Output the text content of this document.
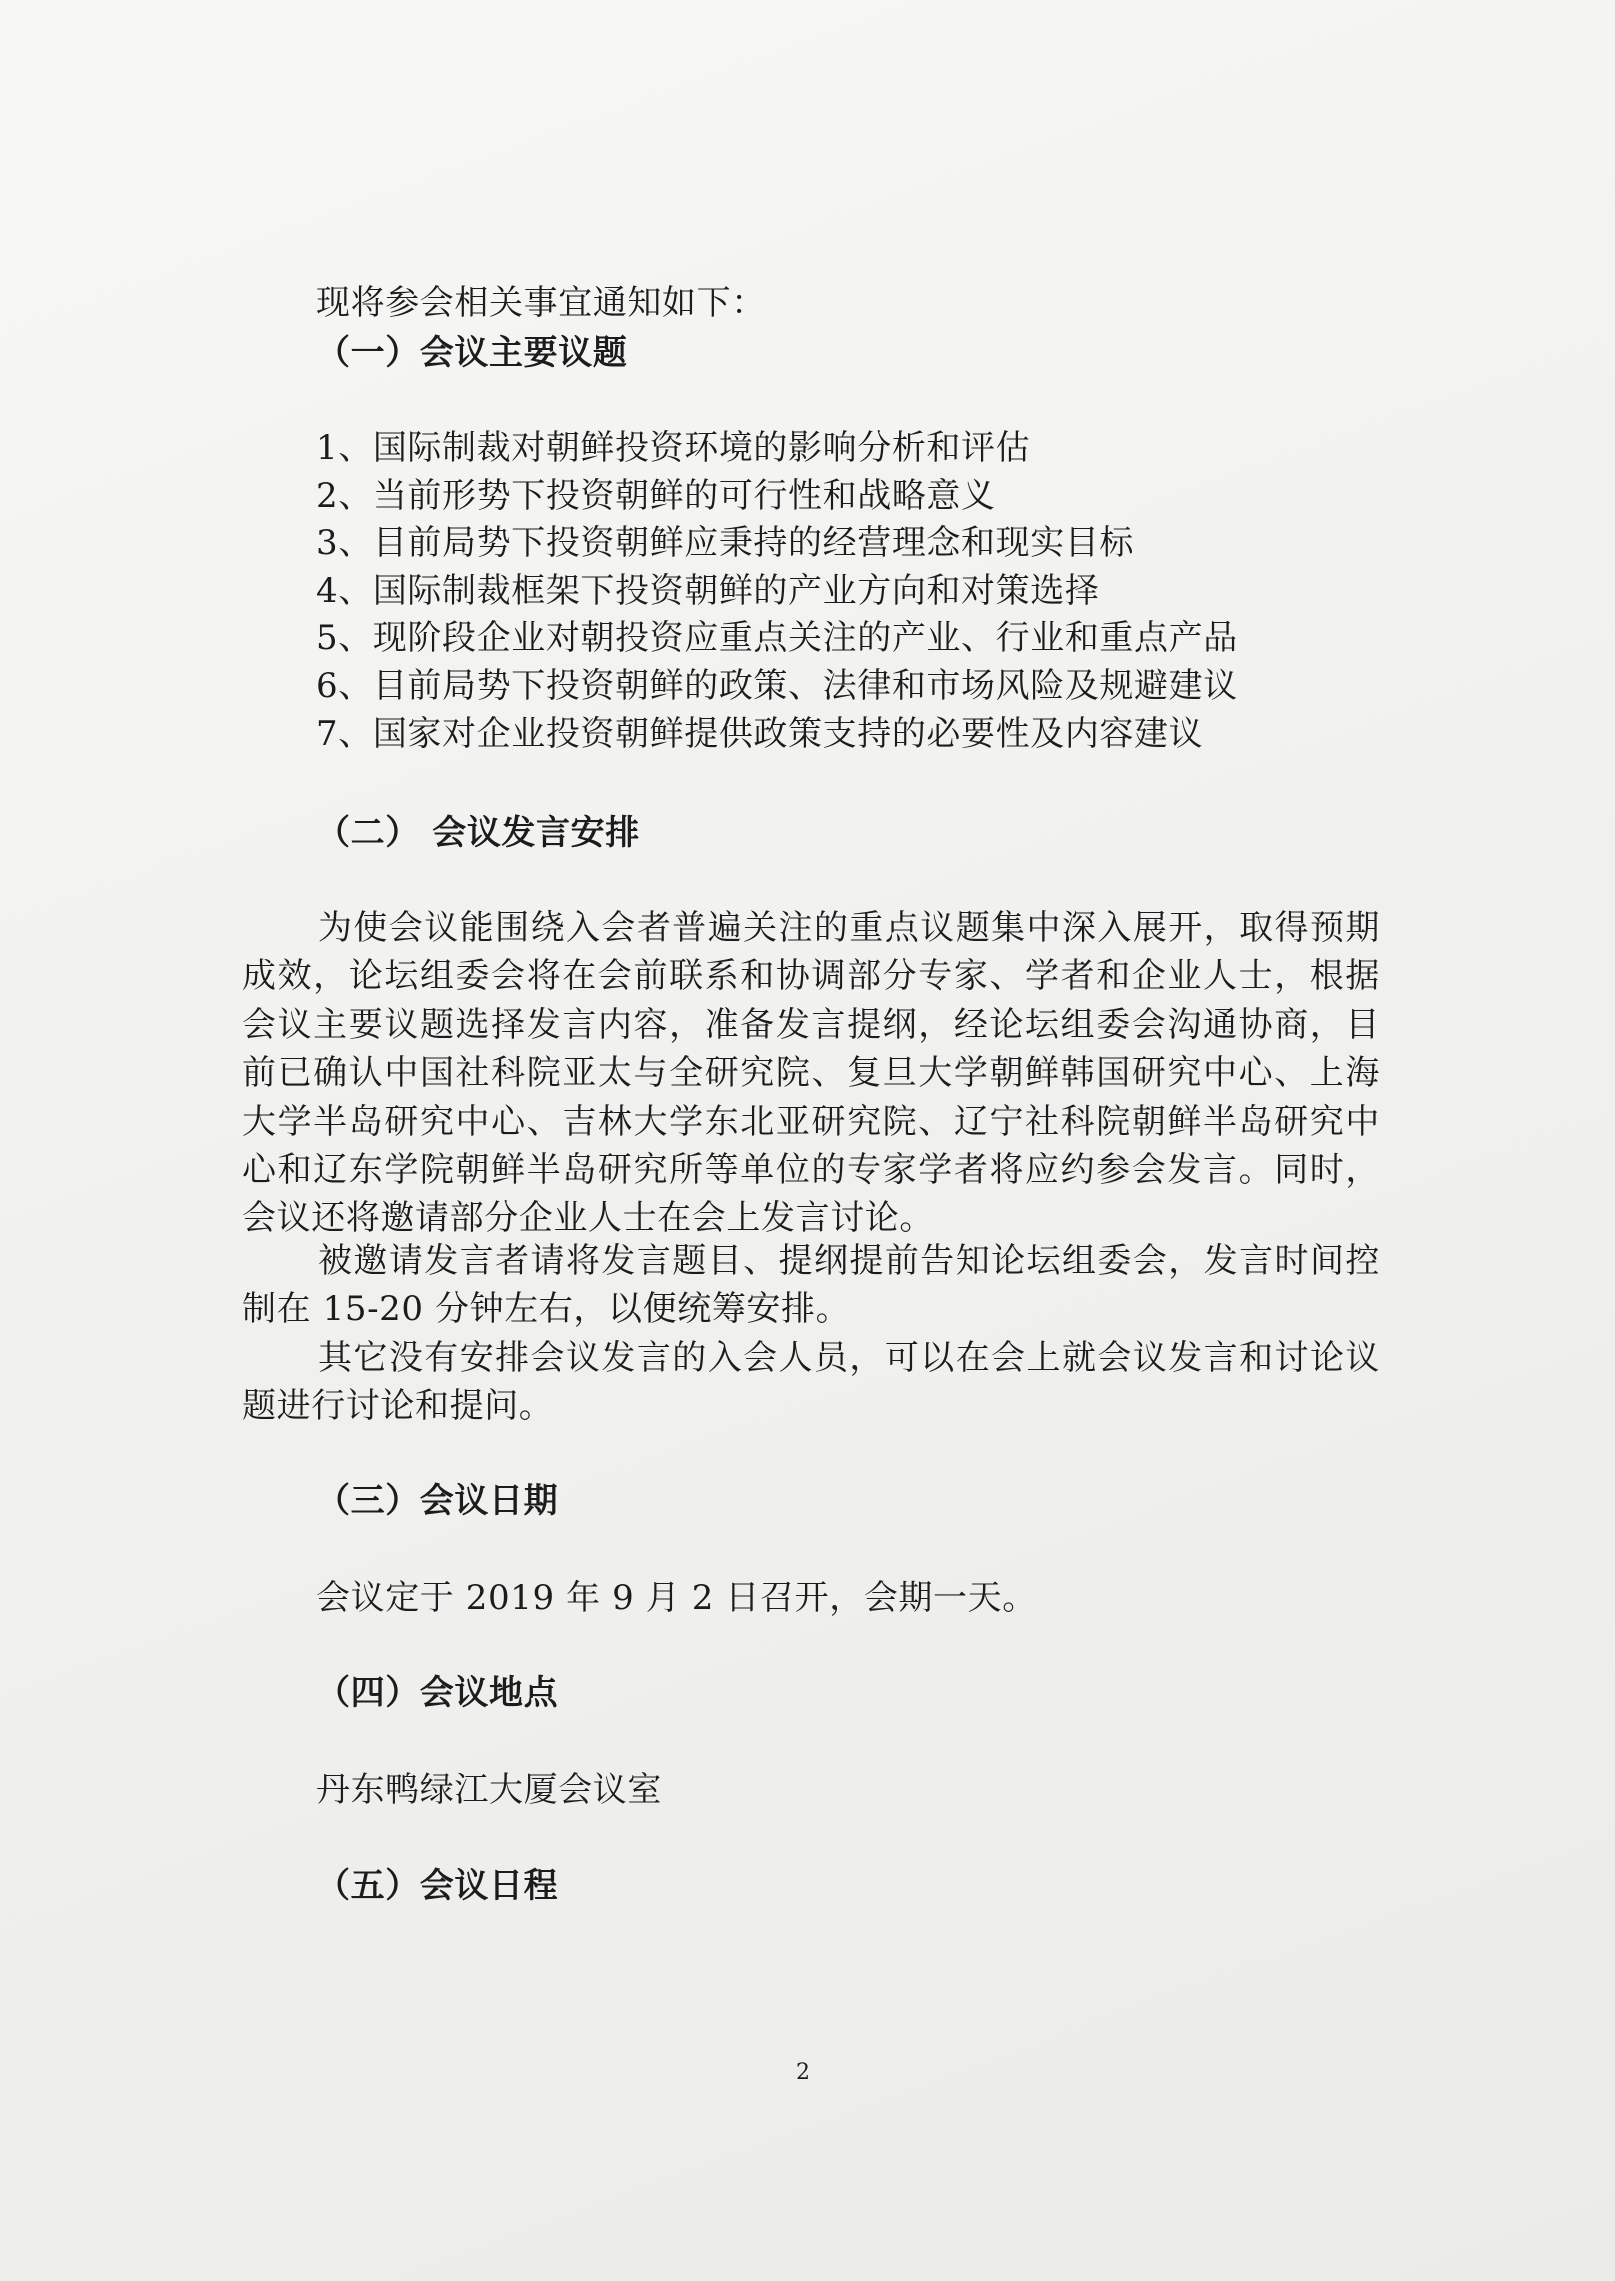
现将参会相关事宜通知如下：
（一）会议主要议题
1、国际制裁对朝鲜投资环境的影响分析和评估
2、当前形势下投资朝鲜的可行性和战略意义
3、目前局势下投资朝鲜应秉持的经营理念和现实目标
4、国际制裁框架下投资朝鲜的产业方向和对策选择
5、现阶段企业对朝投资应重点关注的产业、行业和重点产品
6、目前局势下投资朝鲜的政策、法律和市场风险及规避建议
7、国家对企业投资朝鲜提供政策支持的必要性及内容建议
（二） 会议发言安排
为使会议能围绕入会者普遍关注的重点议题集中深入展开，取得预期成效，论坛组委会将在会前联系和协调部分专家、学者和企业人士，根据会议主要议题选择发言内容，准备发言提纲，经论坛组委会沟通协商，目前已确认中国社科院亚太与全研究院、复旦大学朝鲜韩国研究中心、上海大学半岛研究中心、吉林大学东北亚研究院、辽宁社科院朝鲜半岛研究中心和辽东学院朝鲜半岛研究所等单位的专家学者将应约参会发言。同时，会议还将邀请部分企业人士在会上发言讨论。
被邀请发言者请将发言题目、提纲提前告知论坛组委会，发言时间控制在 15-20 分钟左右，以便统筹安排。
其它没有安排会议发言的入会人员，可以在会上就会议发言和讨论议题进行讨论和提问。
（三）会议日期
会议定于 2019 年 9 月 2 日召开，会期一天。
（四）会议地点
丹东鸭绿江大厦会议室
（五）会议日程
2
